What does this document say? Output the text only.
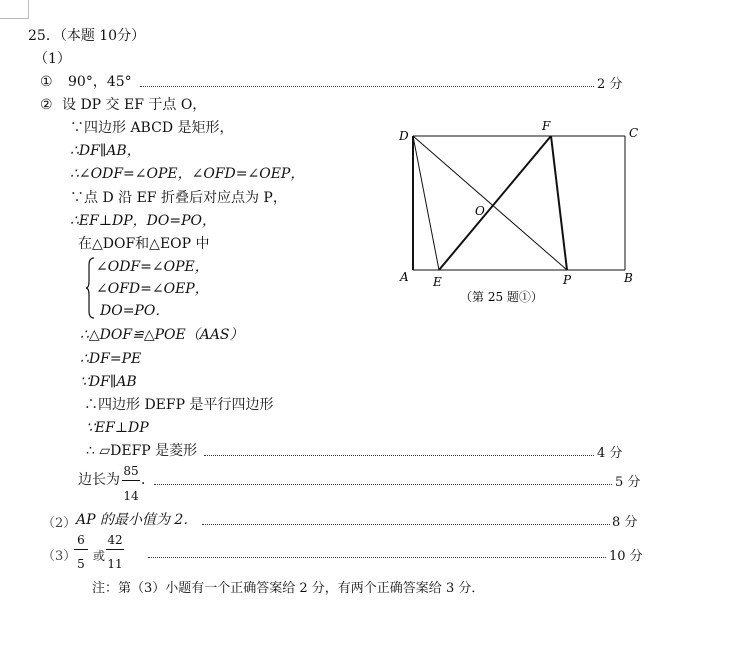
25．（本题 10分）
（1）
① 90°，45°	2 分
② 设 DP 交 EF 于点 O，
∵四边形 ABCD 是矩形，
∴DF∥AB，
∴∠ODF=∠OPE，∠OFD=∠OEP，
∵点 D 沿 EF 折叠后对应点为 P，
∴EF⊥DP，DO=PO，
在△DOF和△EOP 中
∠ODF=∠OPE，
∠OFD=∠OEP，
DO=PO．
∴△DOF≌△POE（AAS）
∴DF=PE
∵DF∥AB
∴四边形 DEFP 是平行四边形
∵EF⊥DP
∴ ▱DEFP 是菱形	4 分
边长为
85
14
．	5 分
（2） AP 的最小值为 2．	8 分
（3）
6
5
或
42
11	10 分
注：第（3）小题有一个正确答案给 2 分，有两个正确答案给 3 分．
D	C
F
O
A E	P	B
（第 25 题①）
